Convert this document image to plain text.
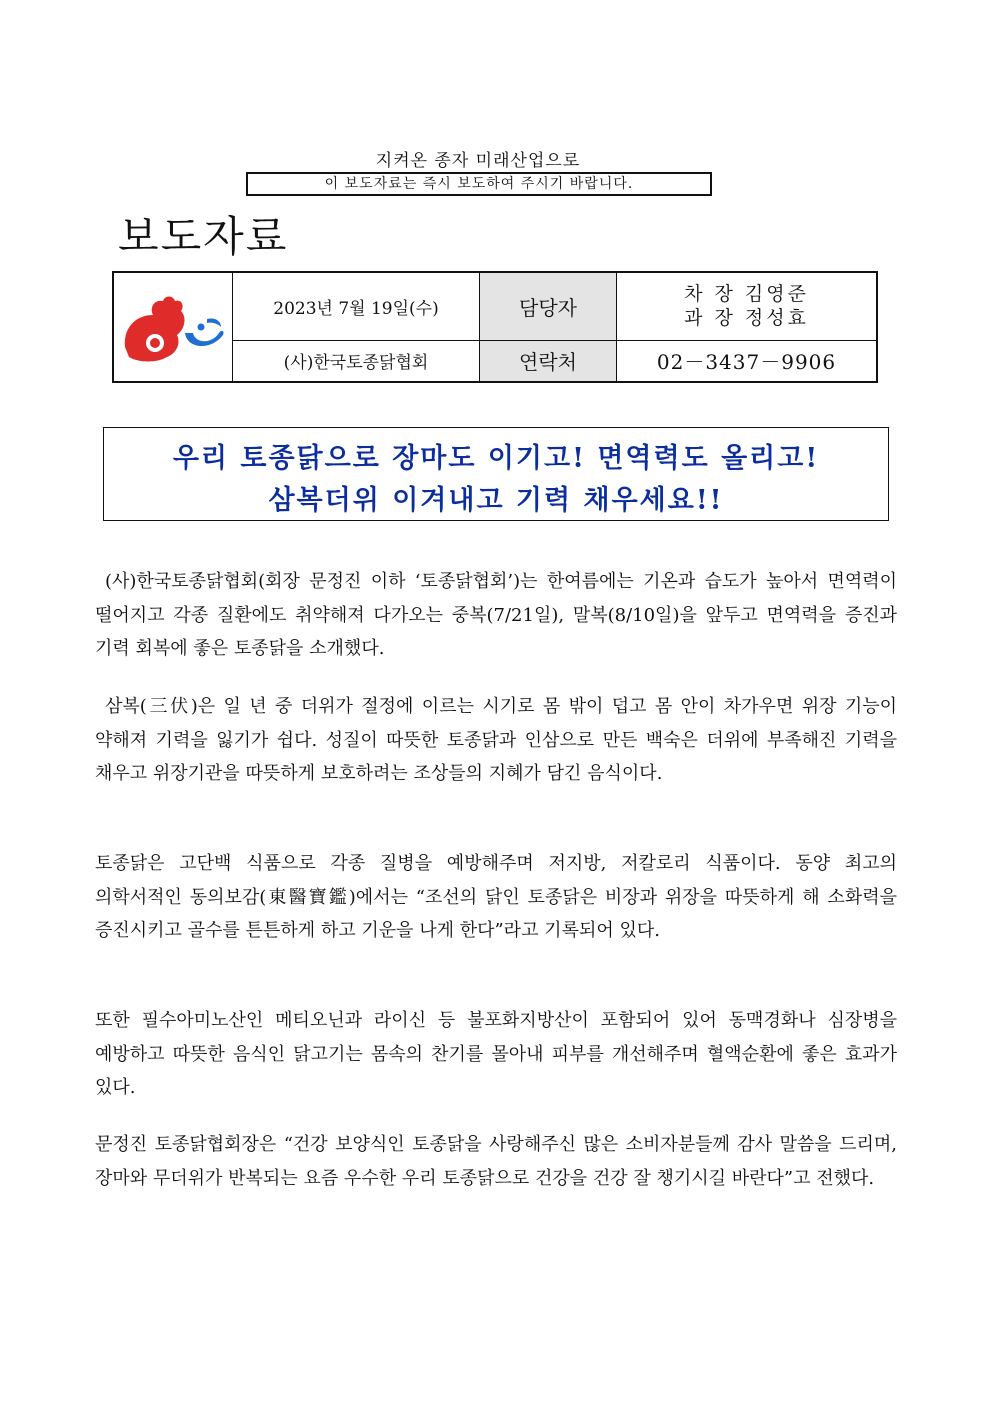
지켜온 종자 미래산업으로
이 보도자료는 즉시 보도하여 주시기 바랍니다.
보도자료
	2023년 7월 19일(수)	담당자	차 장 김영준
과 장 정성효

	(사)한국토종닭협회	연락처	02－3437－9906
우리 토종닭으로 장마도 이기고! 면역력도 올리고!
삼복더위 이겨내고 기력 채우세요!!

(사)한국토종닭협회(회장 문정진 이하 ‘토종닭협회’)는 한여름에는 기온과 습도가 높아서 면역력이 떨어지고 각종 질환에도 취약해져 다가오는 중복(7/21일), 말복(8/10일)을 앞두고 면역력을 증진과 기력 회복에 좋은 토종닭을 소개했다.

삼복(三伏)은 일 년 중 더위가 절정에 이르는 시기로 몸 밖이 덥고 몸 안이 차가우면 위장 기능이 약해져 기력을 잃기가 쉽다. 성질이 따뜻한 토종닭과 인삼으로 만든 백숙은 더위에 부족해진 기력을 채우고 위장기관을 따뜻하게 보호하려는 조상들의 지혜가 담긴 음식이다.

토종닭은 고단백 식품으로 각종 질병을 예방해주며 저지방, 저칼로리 식품이다. 동양 최고의 의학서적인 동의보감(東醫寶鑑)에서는 “조선의 닭인 토종닭은 비장과 위장을 따뜻하게 해 소화력을 증진시키고 골수를 튼튼하게 하고 기운을 나게 한다”라고 기록되어 있다.

또한 필수아미노산인 메티오닌과 라이신 등 불포화지방산이 포함되어 있어 동맥경화나 심장병을 예방하고 따뜻한 음식인 닭고기는 몸속의 찬기를 몰아내 피부를 개선해주며 혈액순환에 좋은 효과가 있다.

문정진 토종닭협회장은 “건강 보양식인 토종닭을 사랑해주신 많은 소비자분들께 감사 말씀을 드리며, 장마와 무더위가 반복되는 요즘 우수한 우리 토종닭으로 건강을 건강 잘 챙기시길 바란다”고 전했다.
